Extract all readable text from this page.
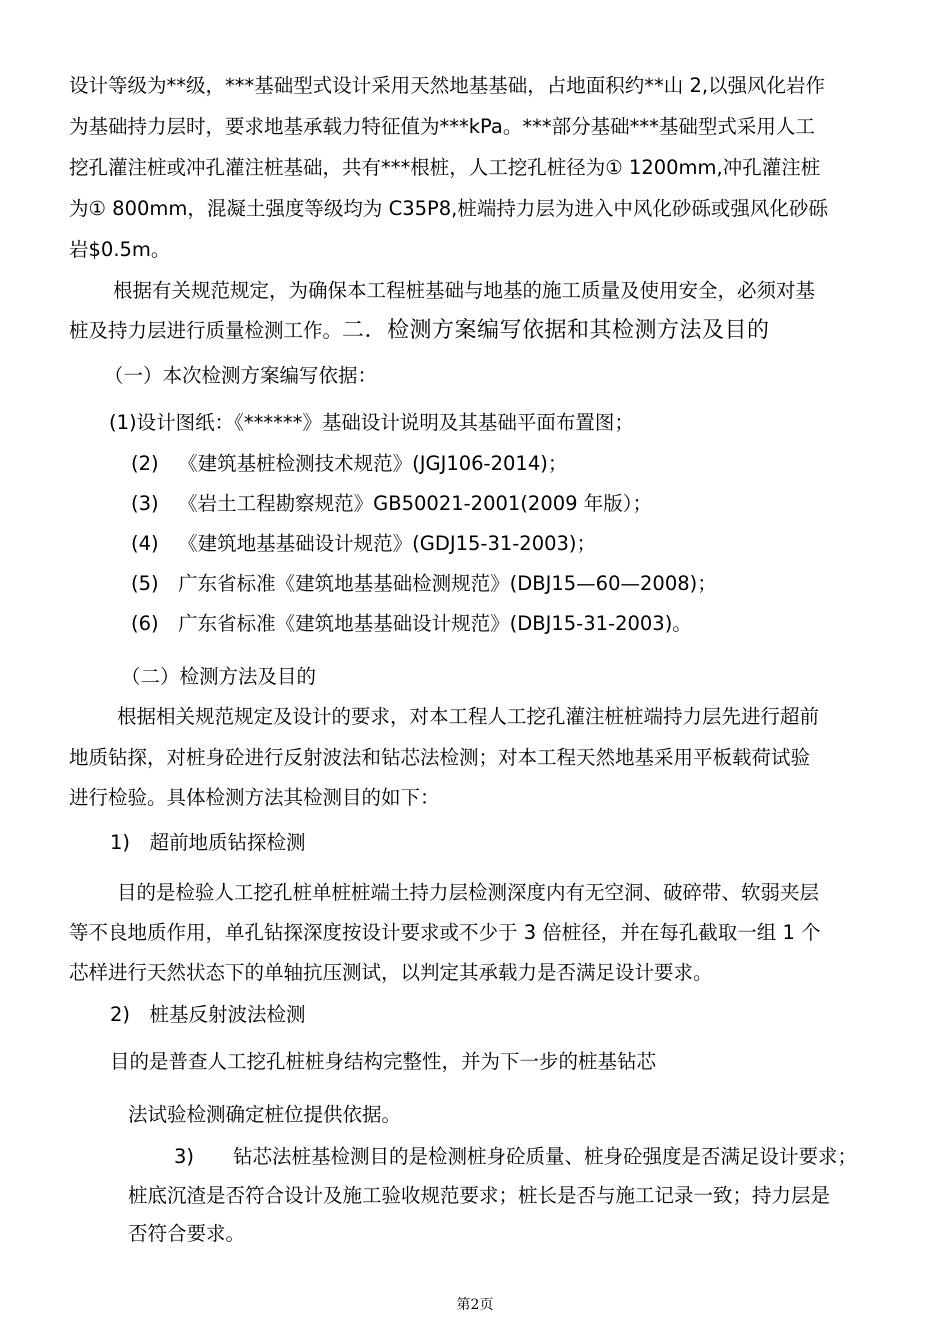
设计等级为**级，***基础型式设计采用天然地基基础，占地面积约**山 2,以强风化岩作
为基础持力层时，要求地基承载力特征值为***kPa。***部分基础***基础型式采用人工
挖孔灌注桩或冲孔灌注桩基础，共有***根桩，人工挖孔桩径为① 1200mm,冲孔灌注桩
为① 800mm，混凝土强度等级均为 C35P8,桩端持力层为进入中风化砂砾或强风化砂砾
岩$0.5m。
根据有关规范规定，为确保本工程桩基础与地基的施工质量及使用安全，必须对基
桩及持力层进行质量检测工作。二．检测方案编写依据和其检测方法及目的
（一）本次检测方案编写依据：
(1)设计图纸：《******》基础设计说明及其基础平面布置图；
(2)  《建筑基桩检测技术规范》(JGJ106-2014)；
(3)  《岩土工程勘察规范》GB50021-2001(2009 年版）；
(4)  《建筑地基基础设计规范》(GDJ15-31-2003)；
(5)  广东省标准《建筑地基基础检测规范》(DBJ15—60—2008)；
(6)  广东省标准《建筑地基基础设计规范》(DBJ15-31-2003)。
（二）检测方法及目的
根据相关规范规定及设计的要求，对本工程人工挖孔灌注桩桩端持力层先进行超前
地质钻探，对桩身砼进行反射波法和钻芯法检测；对本工程天然地基采用平板载荷试验
进行检验。具体检测方法其检测目的如下：
1)  超前地质钻探检测
目的是检验人工挖孔桩单桩桩端土持力层检测深度内有无空洞、破碎带、软弱夹层
等不良地质作用，单孔钻探深度按设计要求或不少于 3 倍桩径，并在每孔截取一组 1 个
芯样进行天然状态下的单轴抗压测试，以判定其承载力是否满足设计要求。
2)  桩基反射波法检测
目的是普查人工挖孔桩桩身结构完整性，并为下一步的桩基钻芯
法试验检测确定桩位提供依据。
3)    钻芯法桩基检测目的是检测桩身砼质量、桩身砼强度是否满足设计要求；
桩底沉渣是否符合设计及施工验收规范要求；桩长是否与施工记录一致；持力层是
否符合要求。
第2页
